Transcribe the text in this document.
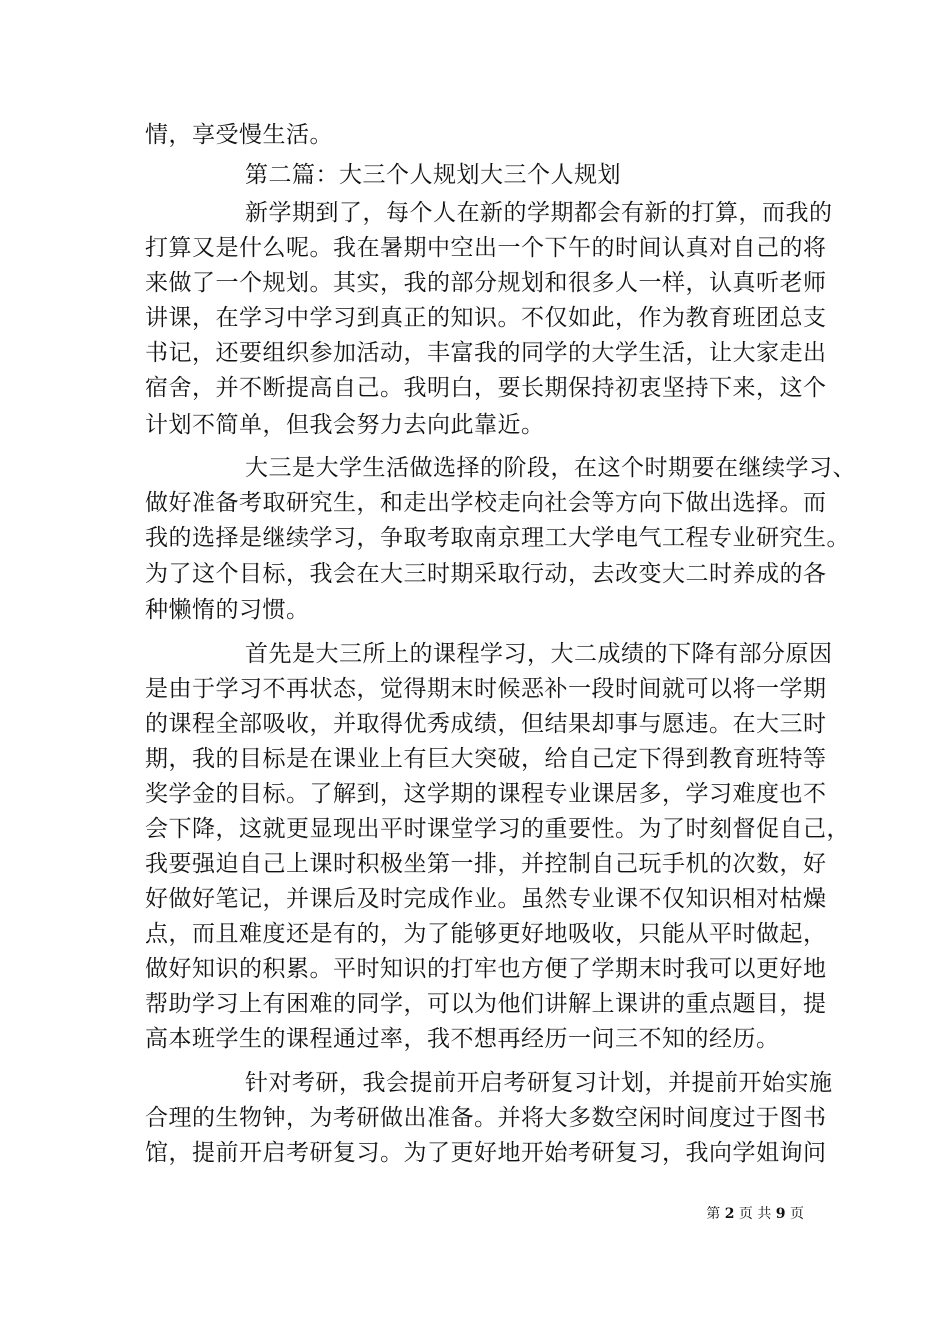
情，享受慢生活。
第二篇：大三个人规划大三个人规划
新学期到了，每个人在新的学期都会有新的打算，而我的
打算又是什么呢。我在暑期中空出一个下午的时间认真对自己的将
来做了一个规划。其实，我的部分规划和很多人一样，认真听老师
讲课，在学习中学习到真正的知识。不仅如此，作为教育班团总支
书记，还要组织参加活动，丰富我的同学的大学生活，让大家走出
宿舍，并不断提高自己。我明白，要长期保持初衷坚持下来，这个
计划不简单，但我会努力去向此靠近。
大三是大学生活做选择的阶段，在这个时期要在继续学习、
做好准备考取研究生，和走出学校走向社会等方向下做出选择。而
我的选择是继续学习，争取考取南京理工大学电气工程专业研究生。
为了这个目标，我会在大三时期采取行动，去改变大二时养成的各
种懒惰的习惯。
首先是大三所上的课程学习，大二成绩的下降有部分原因
是由于学习不再状态，觉得期末时候恶补一段时间就可以将一学期
的课程全部吸收，并取得优秀成绩，但结果却事与愿违。在大三时
期，我的目标是在课业上有巨大突破，给自己定下得到教育班特等
奖学金的目标。了解到，这学期的课程专业课居多，学习难度也不
会下降，这就更显现出平时课堂学习的重要性。为了时刻督促自己，
我要强迫自己上课时积极坐第一排，并控制自己玩手机的次数，好
好做好笔记，并课后及时完成作业。虽然专业课不仅知识相对枯燥
点，而且难度还是有的，为了能够更好地吸收，只能从平时做起，
做好知识的积累。平时知识的打牢也方便了学期末时我可以更好地
帮助学习上有困难的同学，可以为他们讲解上课讲的重点题目，提
高本班学生的课程通过率，我不想再经历一问三不知的经历。
针对考研，我会提前开启考研复习计划，并提前开始实施
合理的生物钟，为考研做出准备。并将大多数空闲时间度过于图书
馆，提前开启考研复习。为了更好地开始考研复习，我向学姐询问
第 2 页 共 9 页
